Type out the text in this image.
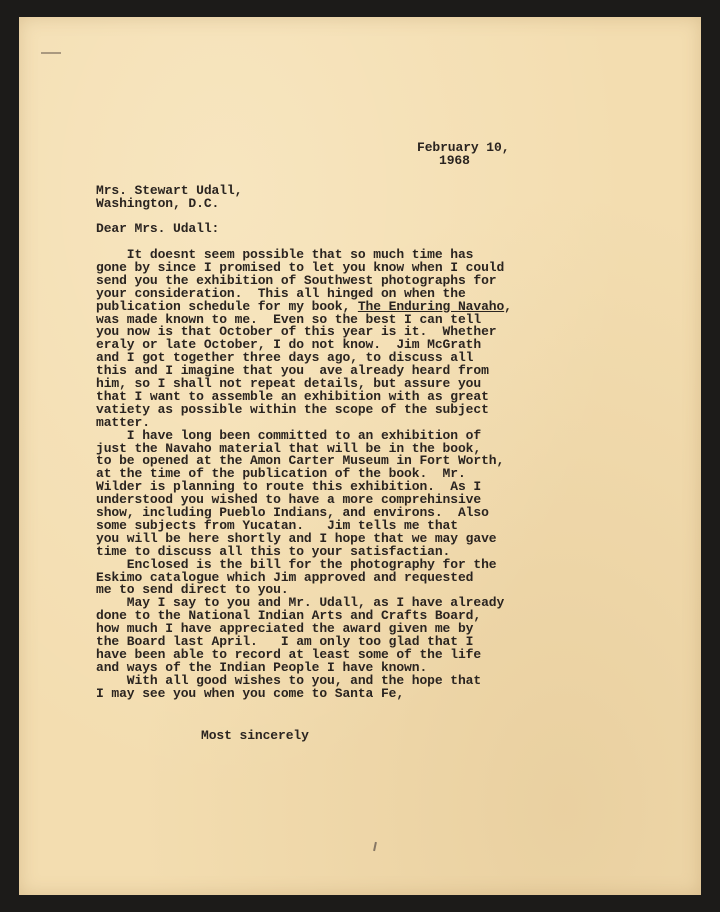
February 10,

1968

Mrs. Stewart Udall,

Washington, D.C.

Dear Mrs. Udall:

It doesnt seem possible that so much time has

gone by since I promised to let you know when I could

send you the exhibition of Southwest photographs for

your consideration.  This all hinged on when the

publication schedule for my book, The Enduring Navaho,

was made known to me.  Even so the best I can tell

you now is that October of this year is it.  Whether

eraly or late October, I do not know.  Jim McGrath

and I got together three days ago, to discuss all

this and I imagine that you  ave already heard from

him, so I shall not repeat details, but assure you

that I want to assemble an exhibition with as great

vatiety as possible within the scope of the subject

matter.

I have long been committed to an exhibition of

just the Navaho material that will be in the book,

to be opened at the Amon Carter Museum in Fort Worth,

at the time of the publication of the book.  Mr.

Wilder is planning to route this exhibition.  As I

understood you wished to have a more comprehinsive

show, including Pueblo Indians, and environs.  Also

some subjects from Yucatan.   Jim tells me that

you will be here shortly and I hope that we may gave

time to discuss all this to your satisfactian.

Enclosed is the bill for the photography for the

Eskimo catalogue which Jim approved and requested

me to send direct to you.

May I say to you and Mr. Udall, as I have already

done to the National Indian Arts and Crafts Board,

how much I have appreciated the award given me by

the Board last April.   I am only too glad that I

have been able to record at least some of the life

and ways of the Indian People I have known.

With all good wishes to you, and the hope that

I may see you when you come to Santa Fe,

Most sincerely
